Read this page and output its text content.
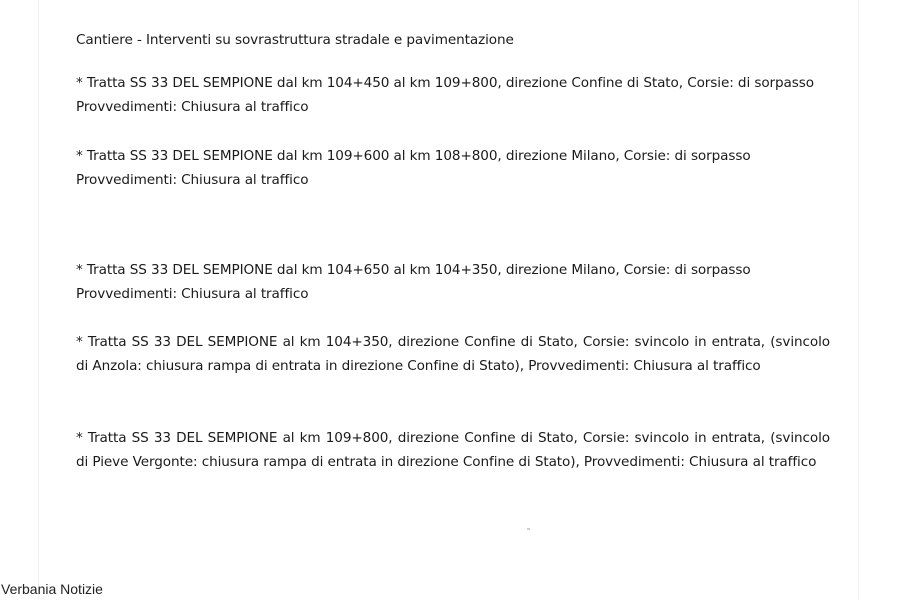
Cantiere - Interventi su sovrastruttura stradale e pavimentazione

* Tratta SS 33 DEL SEMPIONE dal km 104+450 al km 109+800, direzione Confine di Stato, Corsie: di sorpasso Provvedimenti: Chiusura al traffico

* Tratta SS 33 DEL SEMPIONE dal km 109+600 al km 108+800, direzione Milano, Corsie: di sorpasso Provvedimenti: Chiusura al traffico

* Tratta SS 33 DEL SEMPIONE dal km 104+650 al km 104+350, direzione Milano, Corsie: di sorpasso Provvedimenti: Chiusura al traffico

* Tratta SS 33 DEL SEMPIONE al km 104+350, direzione Confine di Stato, Corsie: svincolo in entrata, (svincolo di Anzola: chiusura rampa di entrata in direzione Confine di Stato), Provvedimenti: Chiusura al traffico

* Tratta SS 33 DEL SEMPIONE al km 109+800, direzione Confine di Stato, Corsie: svincolo in entrata, (svincolo di Pieve Vergonte: chiusura rampa di entrata in direzione Confine di Stato), Provvedimenti: Chiusura al traffico

Verbania Notizie
